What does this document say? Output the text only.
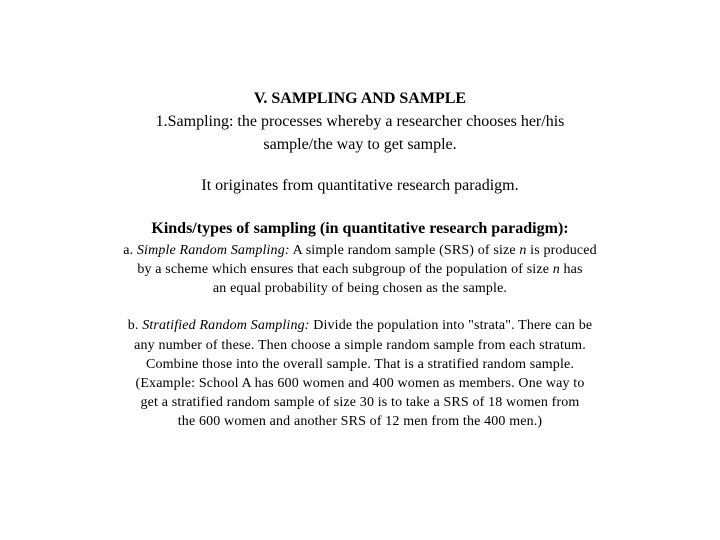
V. SAMPLING AND SAMPLE
1.Sampling: the processes whereby a researcher chooses her/his
sample/the way to get sample.
It originates from quantitative research paradigm.
Kinds/types of sampling (in quantitative research paradigm):
a. Simple Random Sampling: A simple random sample (SRS) of size n is produced
by a scheme which ensures that each subgroup of the population of size n has
an equal probability of being chosen as the sample.
b. Stratified Random Sampling: Divide the population into "strata". There can be
any number of these. Then choose a simple random sample from each stratum.
Combine those into the overall sample. That is a stratified random sample.
(Example: School A has 600 women and 400 women as members. One way to
get a stratified random sample of size 30 is to take a SRS of 18 women from
the 600 women and another SRS of 12 men from the 400 men.)
